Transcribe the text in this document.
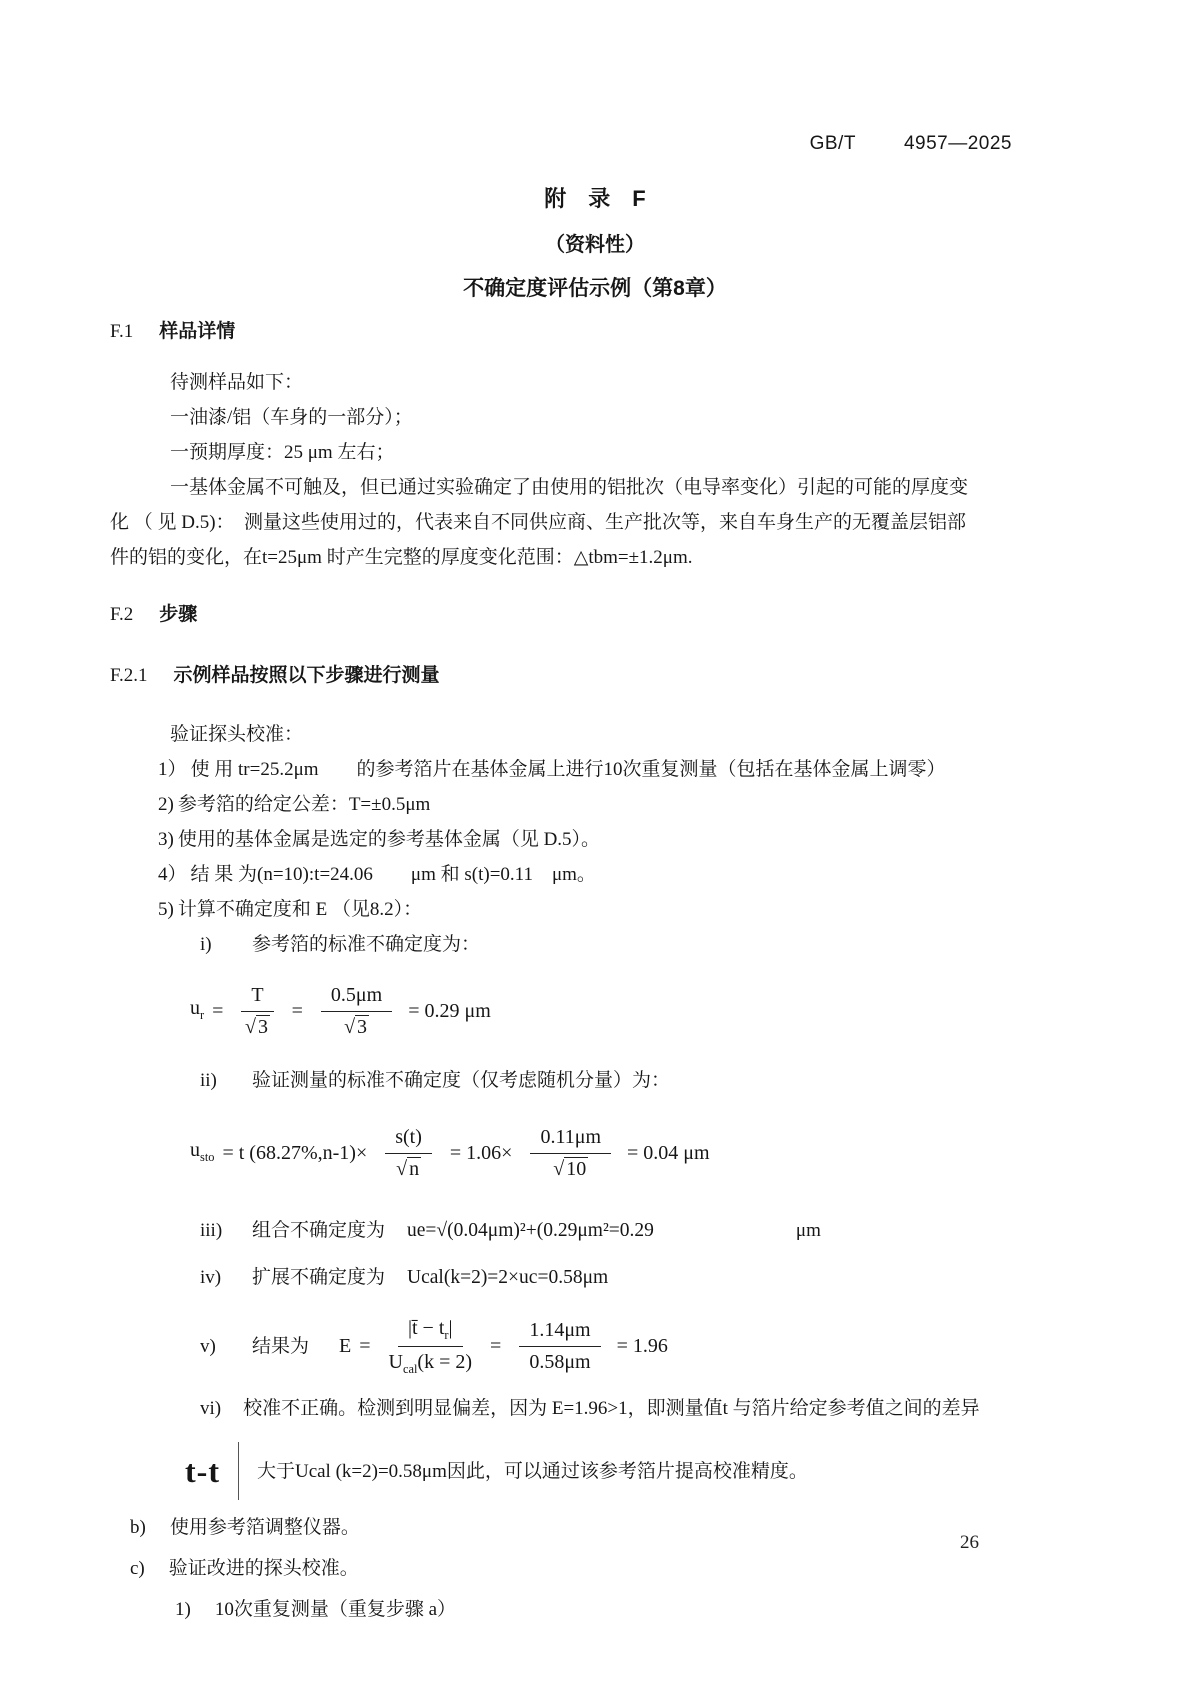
GB/T	4957—2025
附　录　F
（资料性）
不确定度评估示例（第8章）
F.1 样品详情
待测样品如下：
一油漆/铝（车身的一部分）；
一预期厚度：25 μm 左右；
一基体金属不可触及，但已通过实验确定了由使用的铝批次（电导率变化）引起的可能的厚度变
化 （ 见 D.5)：　测量这些使用过的，代表来自不同供应商、生产批次等，来自车身生产的无覆盖层铝部
件的铝的变化，在t=25μm 时产生完整的厚度变化范围：△tbm=±1.2μm.
F.2 步骤
F.2.1 示例样品按照以下步骤进行测量
验证探头校准：
1） 使 用 tr=25.2μm　　的参考箔片在基体金属上进行10次重复测量（包括在基体金属上调零）
2) 参考箔的给定公差：T=±0.5μm
3) 使用的基体金属是选定的参考基体金属（见 D.5）。
4） 结 果 为(n=10):t=24.06　　μm 和 s(t)=0.11　μm。
5) 计算不确定度和 E （见8.2）：
i)	参考箔的标准不确定度为：
$u_r = \frac{T}{√ 3} = \frac{0.5\mu m}{√ 3} = 0.29$ μm
ii)	验证测量的标准不确定度（仅考虑随机分量）为：
$u_{sto} = t$ $(68.27\%,n-1)\times \frac{s(t)}{√ n} = 1.06\times \frac{0.11\mu m}{√ 10} = 0.04$ μm
iii)	组合不确定度为 ue=√(0.04μm)²+(0.29μm²=0.29	μm
iv)	扩展不确定度为 Ucal(k=2)=2×uc=0.58μm
v)	结果为 $E = \frac{|t̄ - t_r|}{U_{cal}(k = 2)} = \frac{1.14\mu m}{0.58\mu m} = 1.96$
vi) 校准不正确。检测到明显偏差，因为 E=1.96>1，即测量值t 与箔片给定参考值之间的差异
t-t 大于Ucal (k=2)=0.58μm因此，可以通过该参考箔片提高校准精度。
b) 使用参考箔调整仪器。
c) 验证改进的探头校准。
1) 10次重复测量（重复步骤 a）
26
